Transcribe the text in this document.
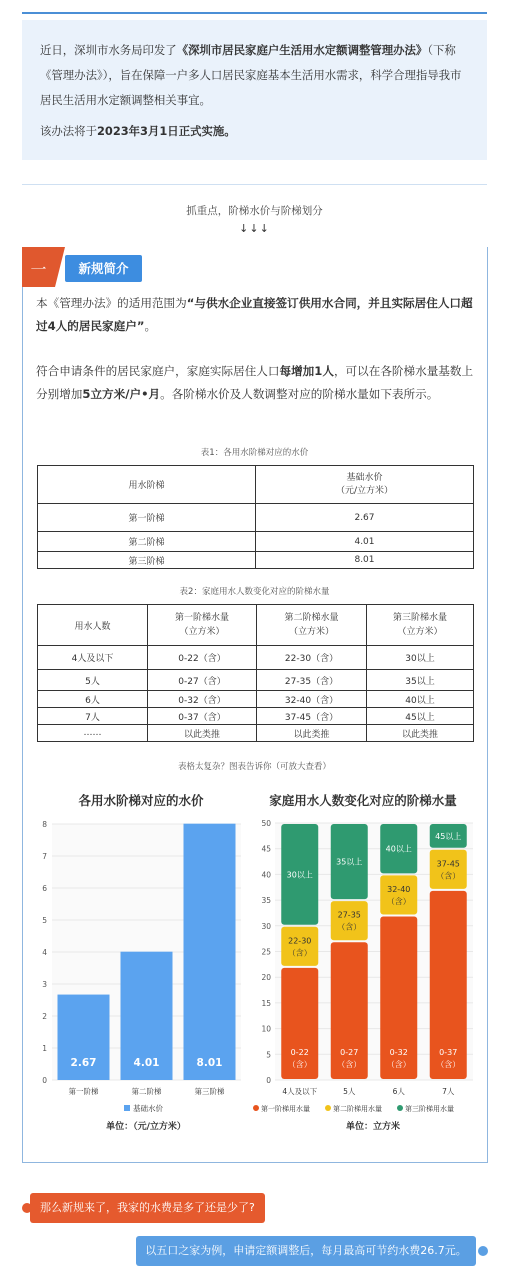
近日，深圳市水务局印发了《深圳市居民家庭户生活用水定额调整管理办法》（下称《管理办法》），旨在保障一户多人口居民家庭基本生活用水需求，科学合理指导我市居民生活用水定额调整相关事宜。

该办法将于2023年3月1日正式实施。

抓重点，阶梯水价与阶梯划分
↓↓↓
一	新规简介

本《管理办法》的适用范围为“与供水企业直接签订供用水合同，并且实际居住人口超过4人的居民家庭户”。

符合申请条件的居民家庭户，家庭实际居住人口每增加1人，可以在各阶梯水量基数上分别增加5立方米/户•月。各阶梯水价及人数调整对应的阶梯水量如下表所示。

表1：各用水阶梯对应的水价
用水阶梯	基础水价
（元/立方米）
第一阶梯	2.67
第二阶梯	4.01
第三阶梯	8.01
表2：家庭用水人数变化对应的阶梯水量
用水人数	第一阶梯水量
（立方米）	第二阶梯水量
（立方米）	第三阶梯水量
（立方米）
4人及以下	0-22（含）	22-30（含）	30以上
5人	0-27（含）	27-35（含）	35以上
6人	0-32（含）	32-40（含）	40以上
7人	0-37（含）	37-45（含）	45以上
……	以此类推	以此类推	以此类推
表格太复杂？图表告诉你（可放大查看）
各用水阶梯对应的水价
0
1
2
3
4
5
6
7
8
2.67
第一阶梯
4.01
第二阶梯
8.01
第三阶梯
基础水价
单位：（元/立方米）
家庭用水人数变化对应的阶梯水量
0
5
10
15
20
25
30
35
40
45
50
0-22
（含）
22-30
（含）
30以上
4人及以下
0-27
（含）
27-35
（含）
35以上
5人
0-32
（含）
32-40
（含）
40以上
6人
0-37
（含）
37-45
（含）
45以上
7人
第一阶梯用水量	第二阶梯用水量	第三阶梯用水量
单位：立方米
那么新规来了，我家的水费是多了还是少了?
以五口之家为例，申请定额调整后，每月最高可节约水费26.7元。
